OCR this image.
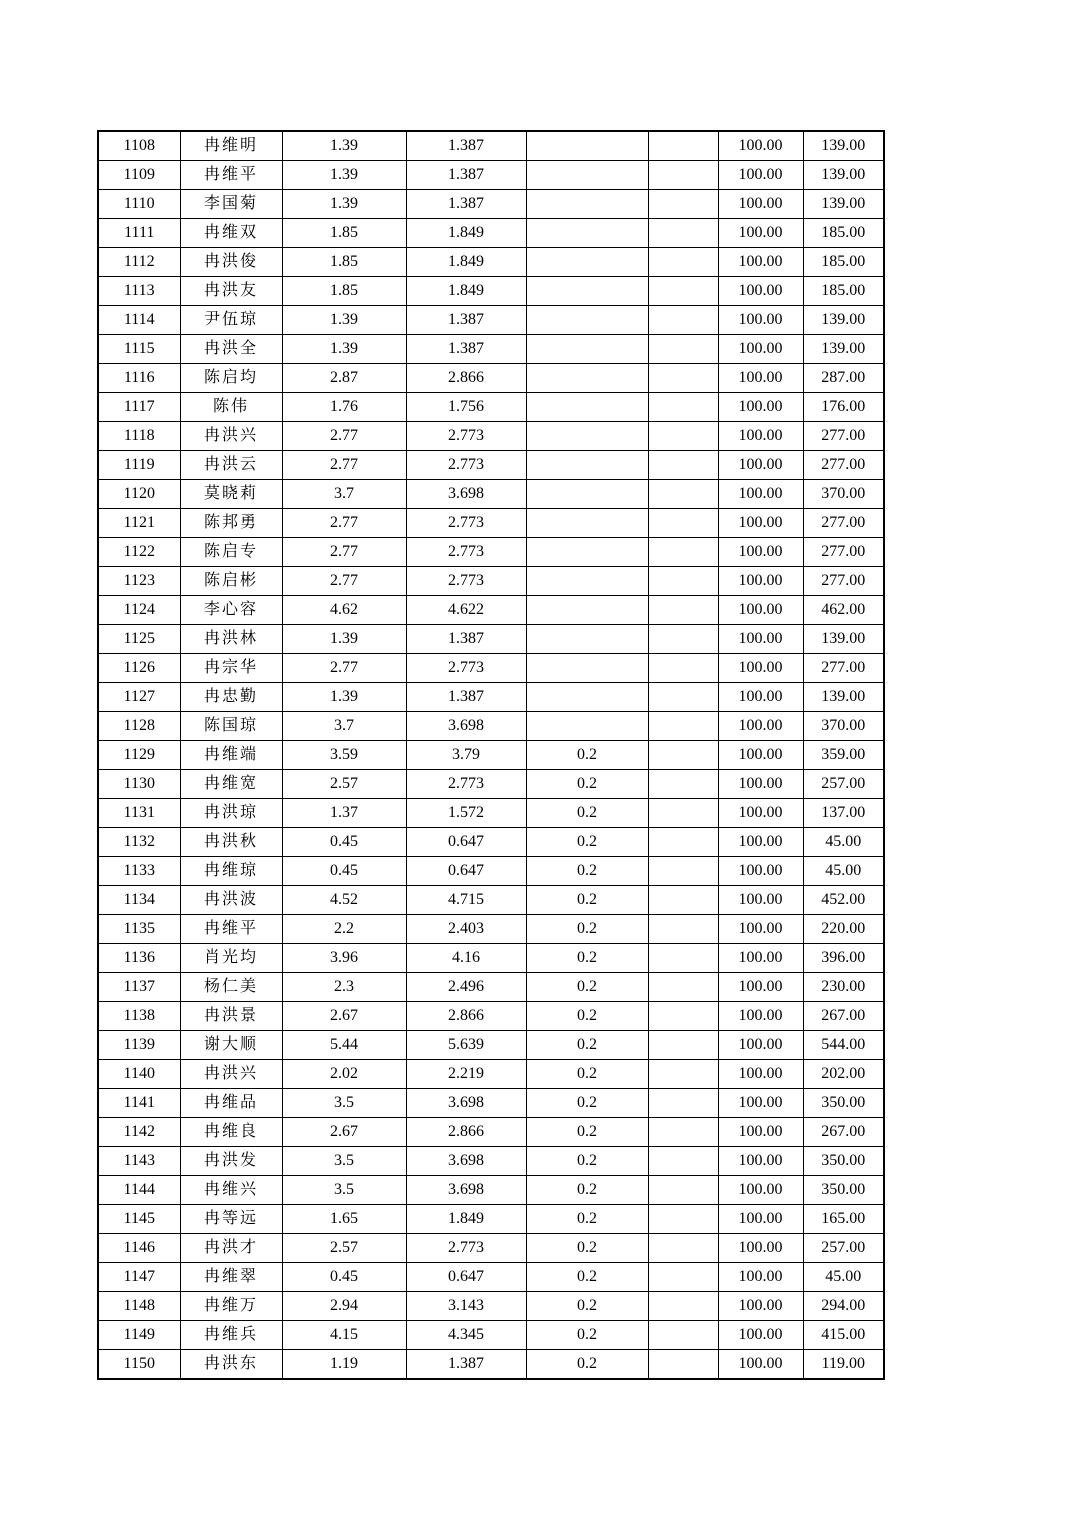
1108	冉维明	1.39	1.387			100.00	139.00
1109	冉维平	1.39	1.387			100.00	139.00
1110	李国菊	1.39	1.387			100.00	139.00
1111	冉维双	1.85	1.849			100.00	185.00
1112	冉洪俊	1.85	1.849			100.00	185.00
1113	冉洪友	1.85	1.849			100.00	185.00
1114	尹伍琼	1.39	1.387			100.00	139.00
1115	冉洪全	1.39	1.387			100.00	139.00
1116	陈启均	2.87	2.866			100.00	287.00
1117	陈伟	1.76	1.756			100.00	176.00
1118	冉洪兴	2.77	2.773			100.00	277.00
1119	冉洪云	2.77	2.773			100.00	277.00
1120	莫晓莉	3.7	3.698			100.00	370.00
1121	陈邦勇	2.77	2.773			100.00	277.00
1122	陈启专	2.77	2.773			100.00	277.00
1123	陈启彬	2.77	2.773			100.00	277.00
1124	李心容	4.62	4.622			100.00	462.00
1125	冉洪林	1.39	1.387			100.00	139.00
1126	冉宗华	2.77	2.773			100.00	277.00
1127	冉忠勤	1.39	1.387			100.00	139.00
1128	陈国琼	3.7	3.698			100.00	370.00
1129	冉维端	3.59	3.79	0.2		100.00	359.00
1130	冉维宽	2.57	2.773	0.2		100.00	257.00
1131	冉洪琼	1.37	1.572	0.2		100.00	137.00
1132	冉洪秋	0.45	0.647	0.2		100.00	45.00
1133	冉维琼	0.45	0.647	0.2		100.00	45.00
1134	冉洪波	4.52	4.715	0.2		100.00	452.00
1135	冉维平	2.2	2.403	0.2		100.00	220.00
1136	肖光均	3.96	4.16	0.2		100.00	396.00
1137	杨仁美	2.3	2.496	0.2		100.00	230.00
1138	冉洪景	2.67	2.866	0.2		100.00	267.00
1139	谢大顺	5.44	5.639	0.2		100.00	544.00
1140	冉洪兴	2.02	2.219	0.2		100.00	202.00
1141	冉维品	3.5	3.698	0.2		100.00	350.00
1142	冉维良	2.67	2.866	0.2		100.00	267.00
1143	冉洪发	3.5	3.698	0.2		100.00	350.00
1144	冉维兴	3.5	3.698	0.2		100.00	350.00
1145	冉等远	1.65	1.849	0.2		100.00	165.00
1146	冉洪才	2.57	2.773	0.2		100.00	257.00
1147	冉维翠	0.45	0.647	0.2		100.00	45.00
1148	冉维万	2.94	3.143	0.2		100.00	294.00
1149	冉维兵	4.15	4.345	0.2		100.00	415.00
1150	冉洪东	1.19	1.387	0.2		100.00	119.00
